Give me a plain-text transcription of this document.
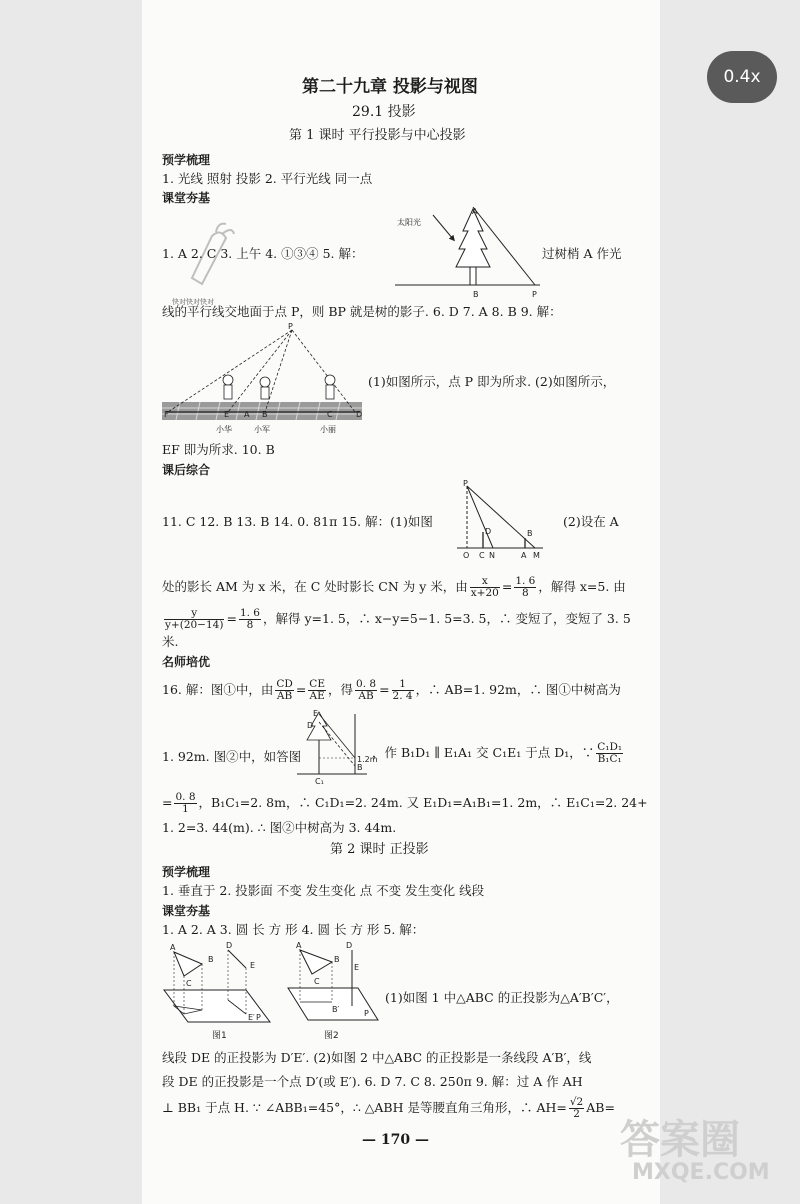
0.4x
第二十九章 投影与视图
29.1 投影
第 1 课时 平行投影与中心投影
预学梳理
1. 光线 照射 投影 2. 平行光线 同一点
课堂夯基
1. A 2. C 3. 上午 4. ①③④ 5. 解：
太阳光
A
B	P
过树梢 A 作光
快对快对快对
线的平行线交地面于点 P，则 BP 就是树的影子. 6. D 7. A 8. B 9. 解：
P
F	E A B	C	D
小华	小军	小丽
(1)如图所示，点 P 即为所求. (2)如图所示，
EF 即为所求. 10. B
课后综合
P
D	B
O C N	A M
11. C 12. B 13. B 14. 0. 81π 15. 解：(1)如图	(2)设在 A
处的影长 AM 为 x 米，在 C 处时影长 CN 为 y 米，由 $\frac{x}{x+20} = \frac{1. 6}{8}$ ，解得 x=5. 由
$\frac{y}{y+(20-14)} = \frac{1. 6}{8}$ ，解得 y=1. 5，∴ x−y=5−1. 5=3. 5，∴ 变短了，变短了 3. 5
米.
名师培优
16. 解：图①中，由 $\frac{CD}{AB} = \frac{CE}{AE}$ ，得 $\frac{0. 8}{AB} = \frac{1}{2. 4}$ ，∴ AB=1. 92m，∴ 图①中树高为
E
D
B
1.2m
C₁
1. 92m. 图②中，如答图	，作 B₁D₁ ∥ E₁A₁ 交 C₁E₁ 于点 D₁，∵ $\frac{\text{C₁D₁}}{\text{B₁C₁}}$
= $\frac{0. 8}{1}$ ，B₁C₁=2. 8m，∴ C₁D₁=2. 24m. 又 E₁D₁=A₁B₁=1. 2m，∴ E₁C₁=2. 24+
1. 2=3. 44(m). ∴ 图②中树高为 3. 44m.
第 2 课时 正投影
预学梳理
1. 垂直于 2. 投影面 不变 发生变化 点 不变 发生变化 线段
课堂夯基
1. A 2. A 3. 圆 长 方 形 4. 圆 长 方 形 5. 解：
A
B
C
D
E
E′ P
图1
A
B
C
D
E
B′	P
图2
(1)如图 1 中△ABC 的正投影为△A′B′C′，
线段 DE 的正投影为 D′E′. (2)如图 2 中△ABC 的正投影是一条线段 A′B′，线
段 DE 的正投影是一个点 D′(或 E′). 6. D 7. C 8. 250π 9. 解：过 A 作 AH
⊥ BB₁ 于点 H. ∵ ∠ABB₁=45°，∴ △ABH 是等腰直角三角形，∴ $AH= \frac{√2}{2} AB=$
— 170 —	答案圈
MXQE.COM
